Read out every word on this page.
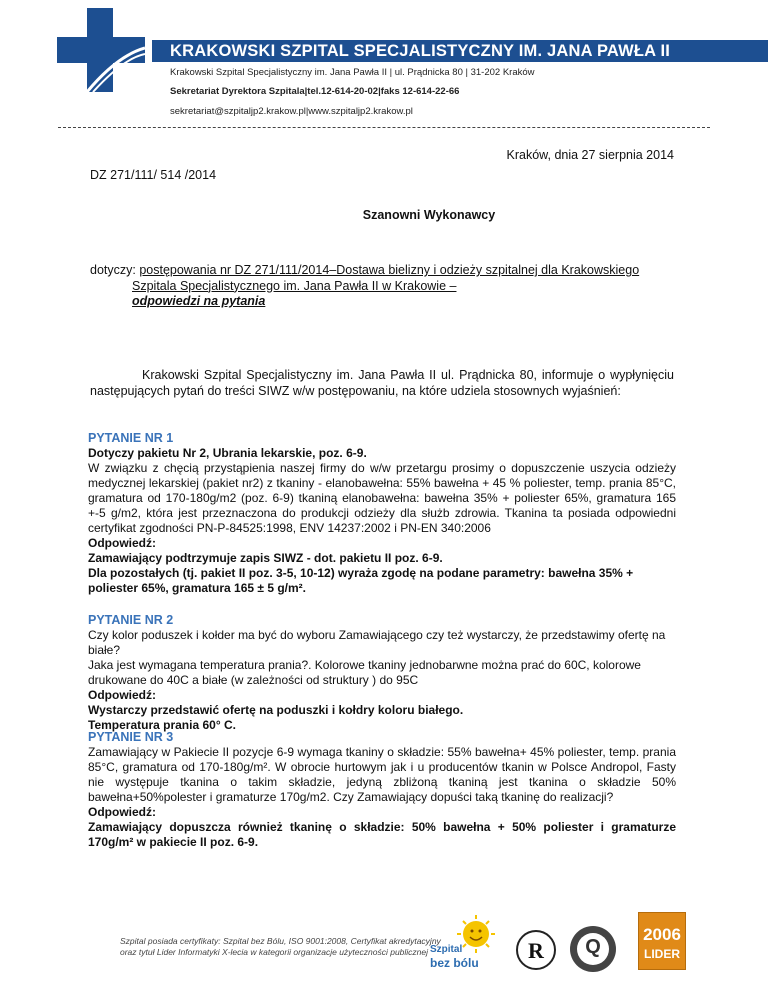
KRAKOWSKI SZPITAL SPECJALISTYCZNY IM. JANA PAWŁA II
Krakowski Szpital Specjalistyczny im. Jana Pawła II | ul. Prądnicka 80 | 31-202 Kraków
Sekretariat Dyrektora Szpitala|tel.12-614-20-02|faks 12-614-22-66
sekretariat@szpitaljp2.krakow.pl|www.szpitaljp2.krakow.pl
Kraków, dnia 27 sierpnia 2014
DZ 271/111/ 514 /2014
Szanowni Wykonawcy
dotyczy: postępowania nr DZ 271/111/2014–Dostawa bielizny i odzieży szpitalnej dla Krakowskiego
Szpitala Specjalistycznego im. Jana Pawła II w Krakowie –
odpowiedzi na pytania
Krakowski Szpital Specjalistyczny im. Jana Pawła II ul. Prądnicka 80, informuje o wypłynięciu następujących pytań do treści SIWZ w/w postępowaniu, na które udziela stosownych wyjaśnień:
PYTANIE NR 1
Dotyczy pakietu Nr 2, Ubrania lekarskie, poz. 6-9.
W związku z chęcią przystąpienia naszej firmy do w/w przetargu prosimy o dopuszczenie uszycia odzieży medycznej lekarskiej (pakiet nr2) z tkaniny - elanobawełna: 55% bawełna + 45 % poliester, temp. prania 85°C, gramatura od 170-180g/m2 (poz. 6-9) tkaniną elanobawełna: bawełna 35% + poliester 65%, gramatura 165 +-5 g/m2, która jest przeznaczona do produkcji odzieży dla służb zdrowia. Tkanina ta posiada odpowiedni certyfikat zgodności PN-P-84525:1998, ENV 14237:2002 i PN-EN 340:2006
Odpowiedź:
Zamawiający podtrzymuje zapis SIWZ - dot. pakietu II poz. 6-9.
Dla pozostałych (tj. pakiet II poz. 3-5, 10-12) wyraża zgodę na podane parametry: bawełna 35% + poliester 65%, gramatura 165 ± 5 g/m².
PYTANIE NR 2
Czy kolor poduszek i kołder ma być do wyboru Zamawiającego czy też wystarczy, że przedstawimy ofertę na białe?
Jaka jest wymagana temperatura prania?. Kolorowe tkaniny jednobarwne można prać do 60C, kolorowe drukowane do 40C a białe (w zależności od struktury ) do 95C
Odpowiedź:
Wystarczy przedstawić ofertę na poduszki i kołdry koloru białego.
Temperatura prania 60° C.
PYTANIE NR 3
Zamawiający w Pakiecie II pozycje 6-9 wymaga tkaniny o składzie: 55% bawełna+ 45% poliester, temp. prania 85°C, gramatura od 170-180g/m². W obrocie hurtowym jak i u producentów tkanin w Polsce Andropol, Fasty nie występuje tkanina o takim składzie, jedyną zbliżoną tkaniną jest tkanina o składzie 50% bawełna+50%polester i gramaturze 170g/m2. Czy Zamawiający dopuści taką tkaninę do realizacji?
Odpowiedź:
Zamawiający dopuszcza również tkaninę o składzie: 50% bawełna + 50% poliester i gramaturze 170g/m² w pakiecie II poz. 6-9.
Szpital posiada certyfikaty: Szpital bez Bólu, ISO 9001:2008, Certyfikat akredytacyjny
oraz tytuł Lider Informatyki X-lecia w kategorii organizacje użyteczności publicznej Szpital
bez bólu	R	Q
2006
LIDER
